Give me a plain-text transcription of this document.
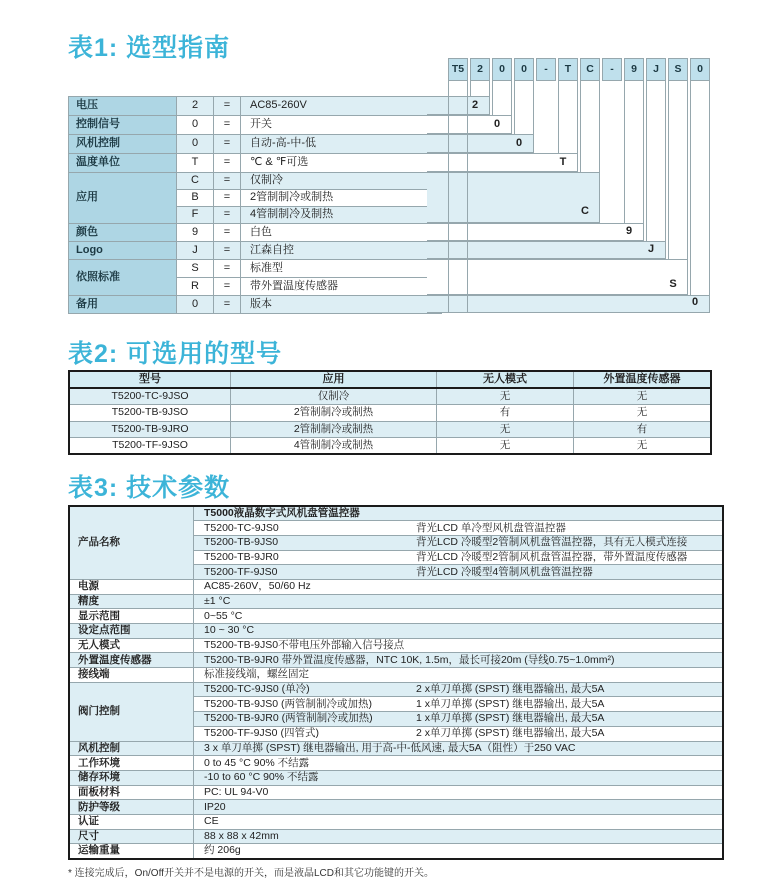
表1: 选型指南
表2: 可选用的型号
表3: 技术参数
电压	2	=	AC85-260V
控制信号	0	=	开关
风机控制	0	=	自动-高-中-低
温度单位	T	=	℃ & ℉可选
应用	C	=	仅制冷
	B	=	2管制制冷或制热
	F	=	4管制制冷及制热
颜色	9	=	白色
Logo	J	=	江森自控
依照标准	S	=	标准型
	R	=	带外置温度传感器
备用	0	=	版本
T5	2	0	0	-	T	C	-	9	J	S	0
2
0
0
T
C
9
J
S
0
型号	应用	无人模式	外置温度传感器
T5200-TC-9JSO	仅制冷	无	无
T5200-TB-9JSO	2管制制冷或制热	有	无
T5200-TB-9JRO	2管制制冷或制热	无	有
T5200-TF-9JSO	4管制制冷或制热	无	无
产品名称	T5000液晶数字式风机盘管温控器
	T5200-TC-9JS0 背光LCD 单冷型风机盘管温控器
	T5200-TB-9JS0 背光LCD 冷暖型2管制风机盘管温控器，具有无人模式连接
	T5200-TB-9JR0 背光LCD 冷暖型2管制风机盘管温控器，带外置温度传感器
	T5200-TF-9JS0 背光LCD 冷暖型4管制风机盘管温控器
电源	AC85-260V，50/60 Hz
精度	±1 °C
显示范围	0~55 °C
设定点范围	10 ~ 30 °C
无人模式	T5200-TB-9JS0不带电压外部输入信号接点
外置温度传感器	T5200-TB-9JR0 带外置温度传感器，NTC 10K, 1.5m，最长可接20m (导线0.75~1.0mm²)
接线端	标准接线端，螺丝固定
阀门控制	T5200-TC-9JS0 (单冷) 2 x单刀单掷 (SPST) 继电器输出, 最大5A
	T5200-TB-9JS0 (两管制制冷或加热) 1 x单刀单掷 (SPST) 继电器输出, 最大5A
	T5200-TB-9JR0 (两管制制冷或加热) 1 x单刀单掷 (SPST) 继电器输出, 最大5A
	T5200-TF-9JS0 (四管式) 2 x单刀单掷 (SPST) 继电器输出, 最大5A
风机控制	3 x 单刀单掷 (SPST) 继电器输出, 用于高-中-低风速, 最大5A（阻性）于250 VAC
工作环境	0 to 45 °C 90% 不结露
储存环境	-10 to 60 °C 90% 不结露
面板材料	PC: UL 94-V0
防护等级	IP20
认证	CE
尺寸	88 x 88 x 42mm
运输重量	约 206g
* 连接完成后，On/Off开关并不是电源的开关，而是液晶LCD和其它功能键的开关。
